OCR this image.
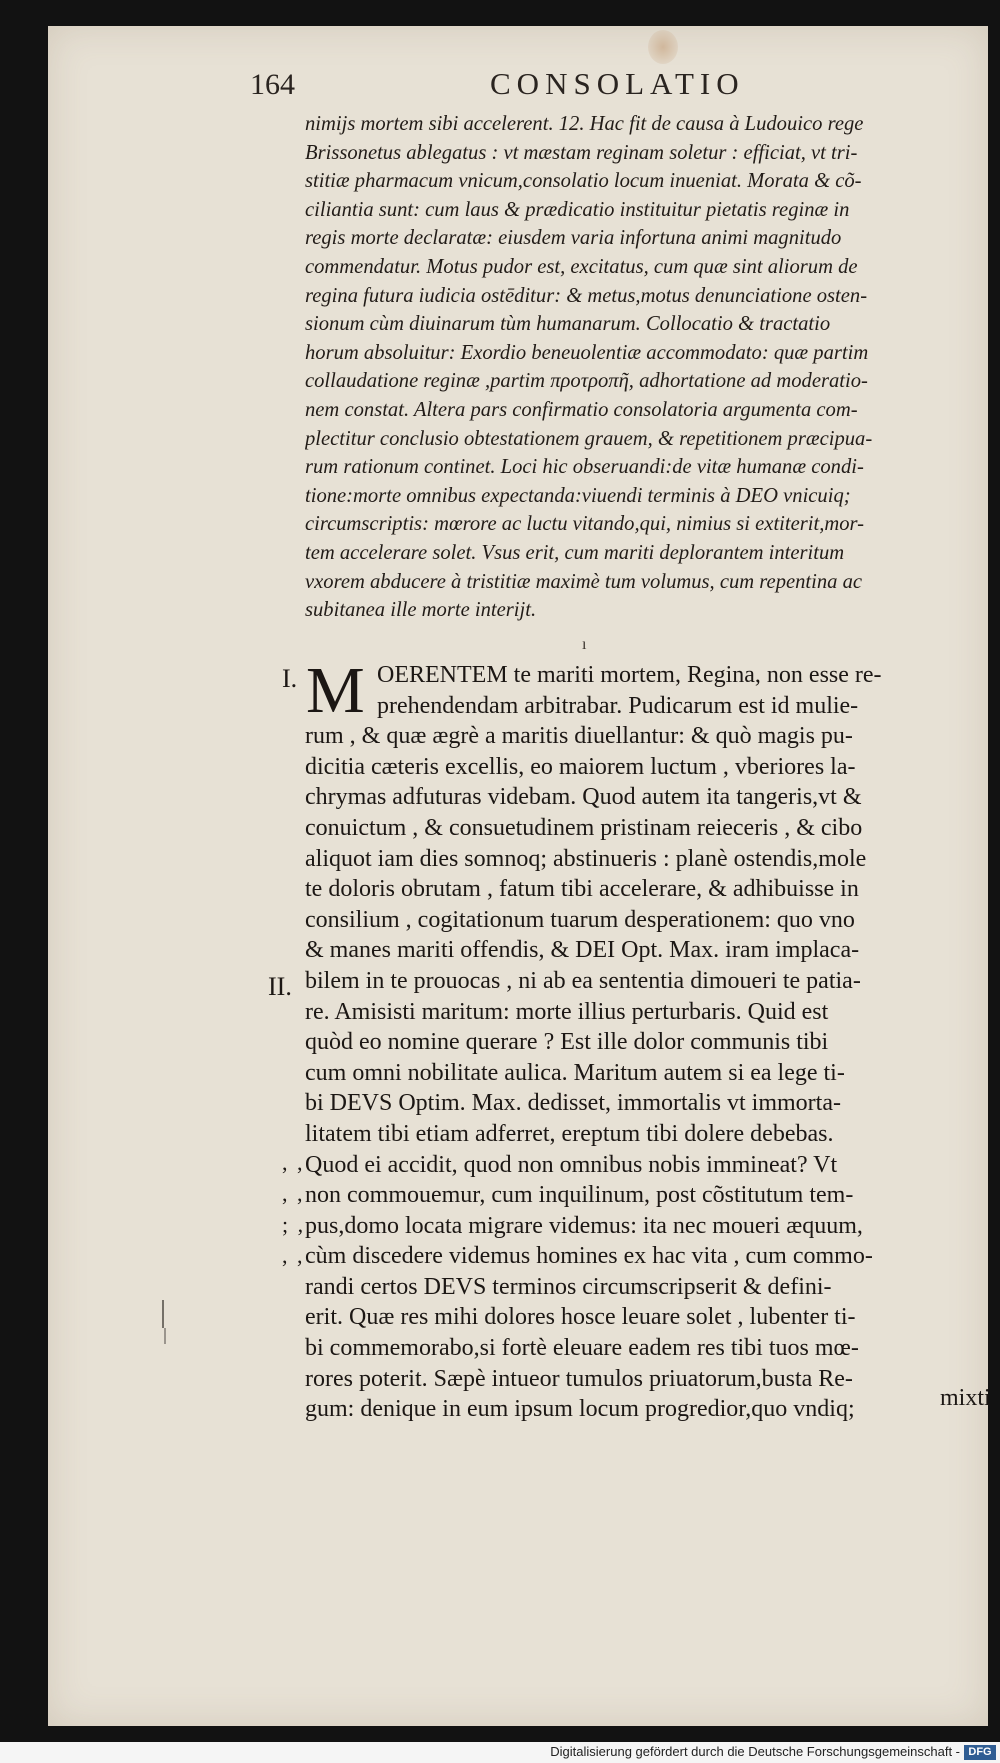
164	CONSOLATIO
nimijs mortem sibi accelerent. 12. Hac fit de causa à Ludouico rege
Brissonetus ablegatus : vt mæstam reginam soletur : efficiat, vt tri-
stitiæ pharmacum vnicum,consolatio locum inueniat. Morata & cõ-
ciliantia sunt: cum laus & prædicatio instituitur pietatis reginæ in
regis morte declaratæ: eiusdem varia infortuna animi magnitudo
commendatur. Motus pudor est, excitatus, cum quæ sint aliorum de
regina futura iudicia ostēditur: & metus,motus denunciatione osten-
sionum cùm diuinarum tùm humanarum. Collocatio & tractatio
horum absoluitur: Exordio beneuolentiæ accommodato: quæ partim
collaudatione reginæ ,partim προτροπῆ, adhortatione ad moderatio-
nem constat. Altera pars confirmatio consolatoria argumenta com-
plectitur conclusio obtestationem grauem, & repetitionem præcipua-
rum rationum continet. Loci hic obseruandi:de vitæ humanæ condi-
tione:morte omnibus expectanda:viuendi terminis à DEO vnicuiq;
circumscriptis: mœrore ac luctu vitando,qui, nimius si extiterit,mor-
tem accelerare solet. Vsus erit, cum mariti deplorantem interitum
vxorem abducere à tristitiæ maximè tum volumus, cum repentina ac
subitanea ille morte interijt.
ı
I.
II.
M OERENTEM te mariti mortem, Regina, non esse re-
prehendendam arbitrabar. Pudicarum est id mulie-
rum , & quæ ægrè a maritis diuellantur: & quò magis pu-
dicitia cæteris excellis, eo maiorem luctum , vberiores la-
chrymas adfuturas videbam. Quod autem ita tangeris,vt &
conuictum , & consuetudinem pristinam reieceris , & cibo
aliquot iam dies somnoq; abstinueris : planè ostendis,mole
te doloris obrutam , fatum tibi accelerare, & adhibuisse in
consilium , cogitationum tuarum desperationem: quo vno
& manes mariti offendis, & DEI Opt. Max. iram implaca-
bilem in te prouocas , ni ab ea sententia dimoueri te patia-
re. Amisisti maritum: morte illius perturbaris. Quid est
quòd eo nomine querare ? Est ille dolor communis tibi
cum omni nobilitate aulica. Maritum autem si ea lege ti-
bi DEVS Optim. Max. dedisset, immortalis vt immorta-
litatem tibi etiam adferret, ereptum tibi dolere debebas.
Quod ei accidit, quod non omnibus nobis immineat? Vt
non commouemur, cum inquilinum, post cõstitutum tem-
pus,domo locata migrare videmus: ita nec moueri æquum,
cùm discedere videmus homines ex hac vita , cum commo-
randi certos DEVS terminos circumscripserit & defini-
erit. Quæ res mihi dolores hosce leuare solet , lubenter ti-
bi commemorabo,si fortè eleuare eadem res tibi tuos mœ-
rores poterit. Sæpè intueor tumulos priuatorum,busta Re-
gum: denique in eum ipsum locum progredior,quo vndiq;
, ,
, ,
; ,
, ,
mixti
Digitalisierung gefördert durch die Deutsche Forschungsgemeinschaft - DFG
